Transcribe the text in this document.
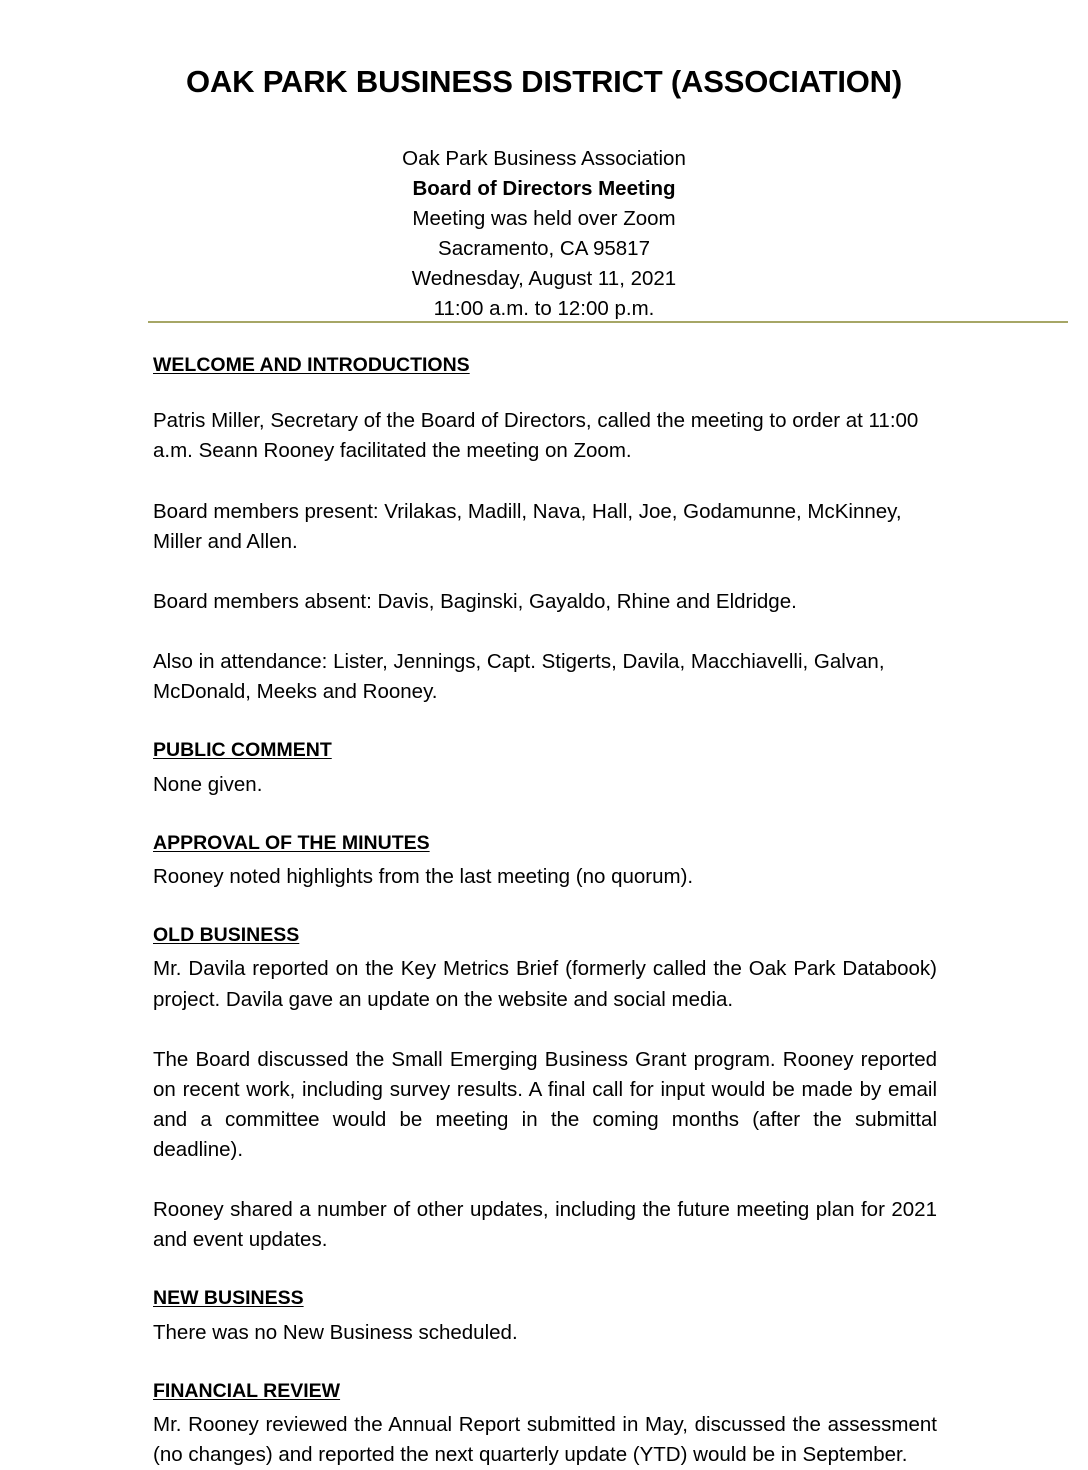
OAK PARK BUSINESS DISTRICT (ASSOCIATION)
Oak Park Business Association
Board of Directors Meeting
Meeting was held over Zoom
Sacramento, CA 95817
Wednesday, August 11, 2021
11:00 a.m. to 12:00 p.m.
WELCOME AND INTRODUCTIONS

Patris Miller, Secretary of the Board of Directors, called the meeting to order at 11:00 a.m. Seann Rooney facilitated the meeting on Zoom.

Board members present: Vrilakas, Madill, Nava, Hall, Joe, Godamunne, McKinney, Miller and Allen.

Board members absent: Davis, Baginski, Gayaldo, Rhine and Eldridge.

Also in attendance: Lister, Jennings, Capt. Stigerts, Davila, Macchiavelli, Galvan, McDonald, Meeks and Rooney.

PUBLIC COMMENT

None given.

APPROVAL OF THE MINUTES

Rooney noted highlights from the last meeting (no quorum).

OLD BUSINESS

Mr. Davila reported on the Key Metrics Brief (formerly called the Oak Park Databook) project. Davila gave an update on the website and social media.

The Board discussed the Small Emerging Business Grant program. Rooney reported on recent work, including survey results. A final call for input would be made by email and a committee would be meeting in the coming months (after the submittal deadline).

Rooney shared a number of other updates, including the future meeting plan for 2021 and event updates.

NEW BUSINESS

There was no New Business scheduled.

FINANCIAL REVIEW

Mr. Rooney reviewed the Annual Report submitted in May, discussed the assessment (no changes) and reported the next quarterly update (YTD) would be in September.
